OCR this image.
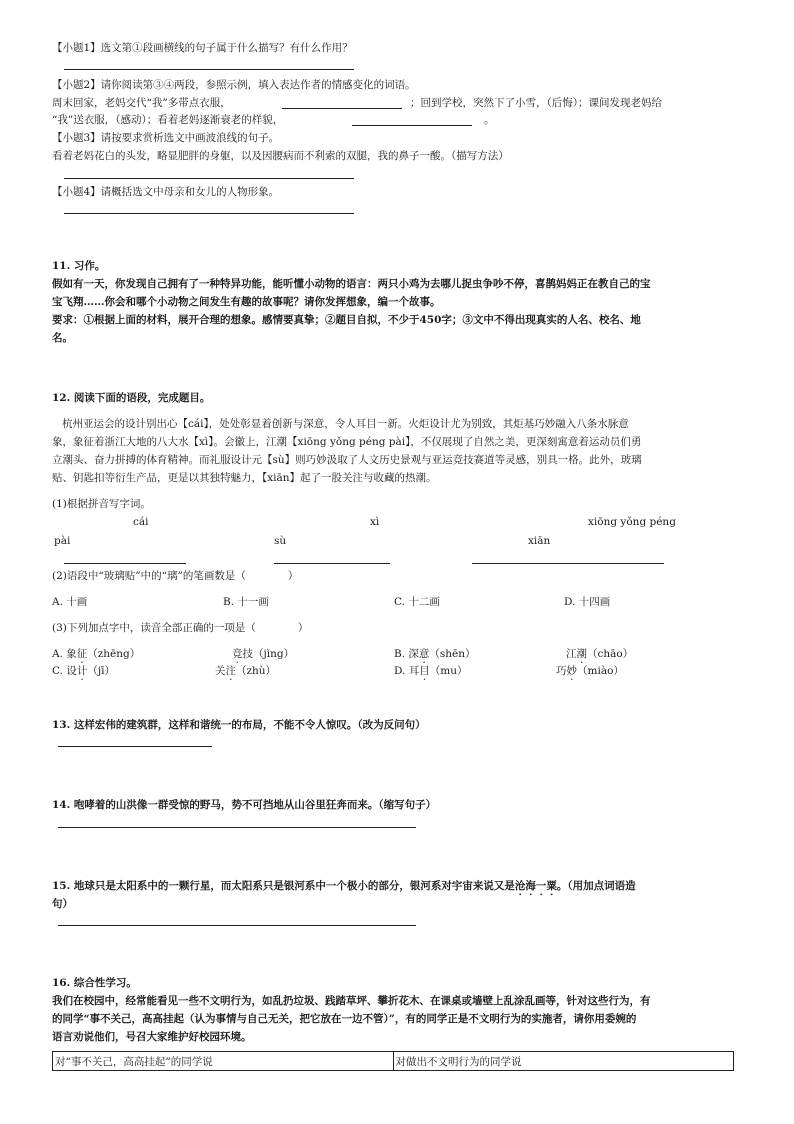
【小题1】选文第①段画横线的句子属于什么描写？有什么作用？
【小题2】请你阅读第③④两段，参照示例，填入表达作者的情感变化的词语。
周末回家，老妈交代“我”多带点衣服，	；回到学校，突然下了小雪，（后悔）；课间发现老妈给
“我”送衣服，（感动）；看着老妈逐渐衰老的样貌，	。
【小题3】请按要求赏析选文中画波浪线的句子。
看着老妈花白的头发，略显肥胖的身躯，以及因腰病而不利索的双腿，我的鼻子一酸。（描写方法）
【小题4】请概括选文中母亲和女儿的人物形象。
11. 习作。
假如有一天，你发现自己拥有了一种特异功能，能听懂小动物的语言：两只小鸡为去哪儿捉虫争吵不停，喜鹊妈妈正在教自己的宝
宝飞翔……你会和哪个小动物之间发生有趣的故事呢？请你发挥想象，编一个故事。
要求：①根据上面的材料，展开合理的想象。感情要真挚；②题目自拟，不少于450字；③文中不得出现真实的人名、校名、地
名。
12. 阅读下面的语段，完成题目。
杭州亚运会的设计别出心【cái】，处处彰显着创新与深意，令人耳目一新。火炬设计尤为别致，其炬基巧妙融入八条水脉意
象，象征着浙江大地的八大水【xì】。会徽上，江潮【xiōng yǒng péng pài】，不仅展现了自然之美，更深刻寓意着运动员们勇
立潮头、奋力拼搏的体育精神。而礼服设计元【sù】则巧妙汲取了人文历史景观与亚运竞技赛道等灵感，别具一格。此外，玻璃
贴、钥匙扣等衍生产品，更是以其独特魅力，【xiān】起了一股关注与收藏的热潮。
(1)根据拼音写字词。
cái	xì	xiōng yǒng péng
pài	sù	xiān
(2)语段中“玻璃贴”中的“璃”的笔画数是（　　　　）
A. 十画	B. 十一画	C. 十二画	D. 十四画
(3)下列加点字中，读音全部正确的一项是（　　　　）
A. 象征（zhēng）	竞技（jìng）	B. 深意（shēn）	江潮（chāo）
C. 设计（jī）	关注（zhù）	D. 耳目（mu）	巧妙（miào）
13. 这样宏伟的建筑群，这样和谐统一的布局，不能不令人惊叹。（改为反问句）
14. 咆哮着的山洪像一群受惊的野马，势不可挡地从山谷里狂奔而来。（缩写句子）
15. 地球只是太阳系中的一颗行星，而太阳系只是银河系中一个极小的部分，银河系对宇宙来说又是沧海一粟。（用加点词语造
句）
16. 综合性学习。
我们在校园中，经常能看见一些不文明行为，如乱扔垃圾、践踏草坪、攀折花木、在课桌或墙壁上乱涂乱画等，针对这些行为，有
的同学“事不关己，高高挂起（认为事情与自己无关，把它放在一边不管）”，有的同学正是不文明行为的实施者，请你用委婉的
语言劝说他们，号召大家维护好校园环境。
对“事不关己，高高挂起”的同学说	对做出不文明行为的同学说
